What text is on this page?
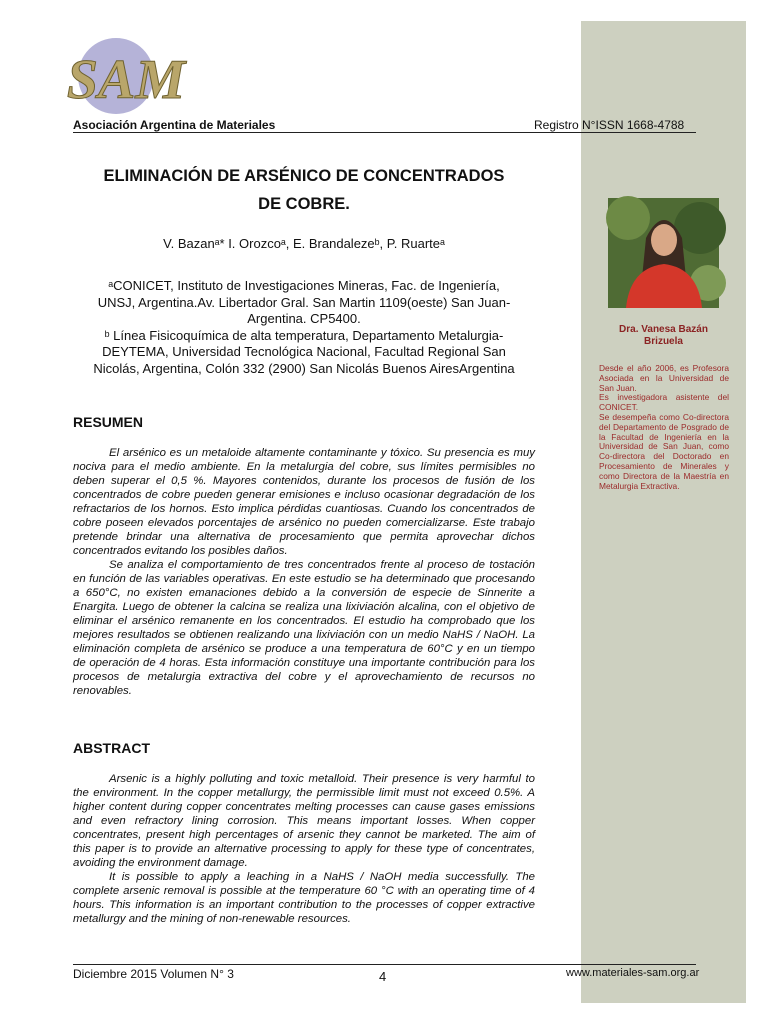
SAM
Asociación Argentina de Materiales	Registro N°ISSN 1668-4788
ELIMINACIÓN DE ARSÉNICO DE CONCENTRADOS
DE COBRE.
V. Bazanᵃ* I. Orozcoᵃ, E. Brandalezeᵇ, P. Ruarteᵃ
ᵃCONICET, Instituto de Investigaciones Mineras, Fac. de Ingeniería,
UNSJ, Argentina.Av. Libertador Gral. San Martin 1109(oeste) San Juan-
Argentina. CP5400.
ᵇ Línea Fisicoquímica de alta temperatura, Departamento Metalurgia-
DEYTEMA, Universidad Tecnológica Nacional, Facultad Regional San
Nicolás, Argentina, Colón 332 (2900) San Nicolás Buenos AiresArgentina
RESUMEN

El arsénico es un metaloide altamente contaminante y tóxico. Su presencia es muy nociva para el medio ambiente. En la metalurgia del cobre, sus límites permisibles no deben superar el 0,5 %. Mayores contenidos, durante los procesos de fusión de los concentrados de cobre pueden generar emisiones e incluso ocasionar degradación de los refractarios de los hornos. Esto implica pérdidas cuantiosas. Cuando los concentrados de cobre poseen elevados porcentajes de arsénico no pueden comercializarse. Este trabajo pretende brindar una alternativa de procesamiento que permita aprovechar dichos concentrados evitando los posibles daños.

Se analiza el comportamiento de tres concentrados frente al proceso de tostación en función de las variables operativas. En este estudio se ha determinado que procesando a 650°C, no existen emanaciones debido a la conversión de especie de Sinnerite a Enargita. Luego de obtener la calcina se realiza una lixiviación alcalina, con el objetivo de eliminar el arsénico remanente en los concentrados. El estudio ha comprobado que los mejores resultados se obtienen realizando una lixiviación con un medio NaHS / NaOH. La eliminación completa de arsénico se produce a una temperatura de 60°C y en un tiempo de operación de 4 horas. Esta información constituye una importante contribución para los procesos de metalurgia extractiva del cobre y el aprovechamiento de recursos no renovables.

ABSTRACT

Arsenic is a highly polluting and toxic metalloid. Their presence is very harmful to the environment. In the copper metallurgy, the permissible limit must not exceed 0.5%. A higher content during copper concentrates melting processes can cause gases emissions and even refractory lining corrosion. This means important losses. When copper concentrates, present high percentages of arsenic they cannot be marketed. The aim of this paper is to provide an alternative processing to apply for these type of concentrates, avoiding the environment damage.

It is possible to apply a leaching in a NaHS / NaOH media successfully. The complete arsenic removal is possible at the temperature 60 °C with an operating time of 4 hours. This information is an important contribution to the processes of copper extractive metallurgy and the mining of non-renewable resources.

Dra. Vanesa Bazán
Brizuela
Desde el año 2006, es Profesora Asociada en la Universidad de San Juan.
Es investigadora asistente del CONICET.
Se desempeña como Co-directora del Departamento de Posgrado de la Facultad de Ingeniería en la Universidad de San Juan, como Co-directora del Doctorado en Procesamiento de Minerales y como Directora de la Maestría en Metalurgia Extractiva.
Diciembre 2015 Volumen N° 3	4	www.materiales-sam.org.ar
